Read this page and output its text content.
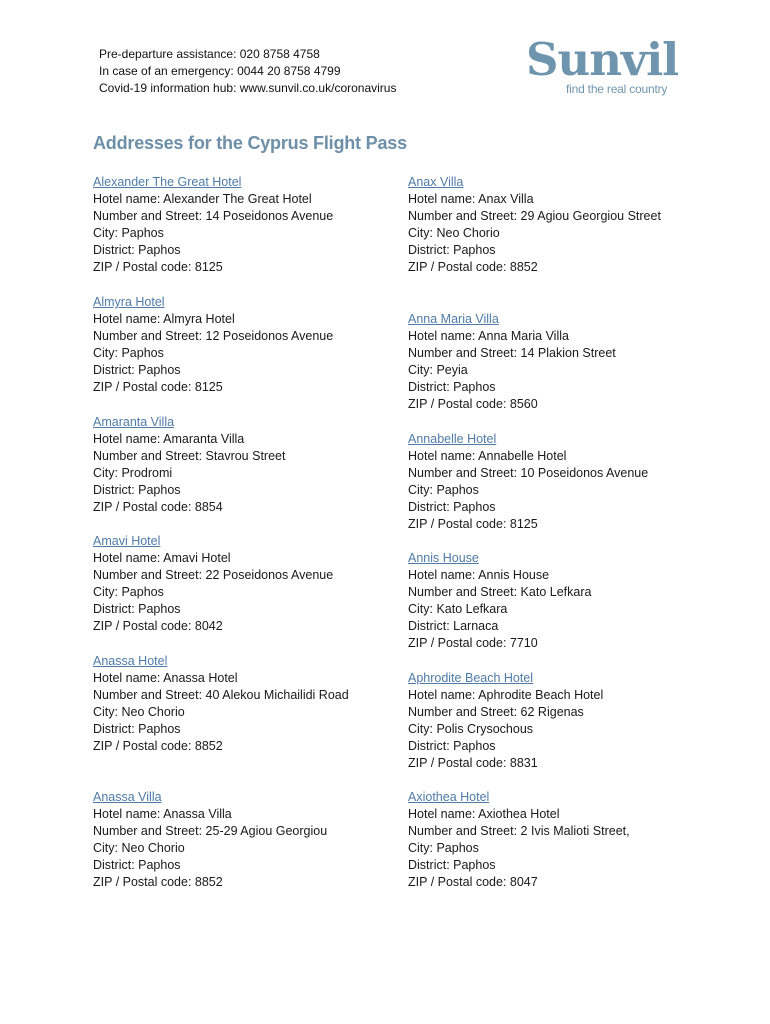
Pre-departure assistance: 020 8758 4758
In case of an emergency: 0044 20 8758 4799
Covid-19 information hub: www.sunvil.co.uk/coronavirus
Sunvil
find the real country
Addresses for the Cyprus Flight Pass
Alexander The Great Hotel
Hotel name: Alexander The Great Hotel
Number and Street: 14 Poseidonos Avenue
City: Paphos
District: Paphos
ZIP / Postal code: 8125
Almyra Hotel
Hotel name: Almyra Hotel
Number and Street: 12 Poseidonos Avenue
City: Paphos
District: Paphos
ZIP / Postal code: 8125
Amaranta Villa
Hotel name: Amaranta Villa
Number and Street: Stavrou Street
City: Prodromi
District: Paphos
ZIP / Postal code: 8854
Amavi Hotel
Hotel name: Amavi Hotel
Number and Street: 22 Poseidonos Avenue
City: Paphos
District: Paphos
ZIP / Postal code: 8042
Anassa Hotel
Hotel name: Anassa Hotel
Number and Street: 40 Alekou Michailidi Road
City: Neo Chorio
District: Paphos
ZIP / Postal code: 8852
Anassa Villa
Hotel name: Anassa Villa
Number and Street: 25-29 Agiou Georgiou
City: Neo Chorio
District: Paphos
ZIP / Postal code: 8852
Anax Villa
Hotel name: Anax Villa
Number and Street: 29 Agiou Georgiou Street
City: Neo Chorio
District: Paphos
ZIP / Postal code: 8852
Anna Maria Villa
Hotel name: Anna Maria Villa
Number and Street: 14 Plakion Street
City: Peyia
District: Paphos
ZIP / Postal code: 8560
Annabelle Hotel
Hotel name: Annabelle Hotel
Number and Street: 10 Poseidonos Avenue
City: Paphos
District: Paphos
ZIP / Postal code: 8125
Annis House
Hotel name: Annis House
Number and Street: Kato Lefkara
City: Kato Lefkara
District: Larnaca
ZIP / Postal code: 7710
Aphrodite Beach Hotel
Hotel name: Aphrodite Beach Hotel
Number and Street: 62 Rigenas
City: Polis Crysochous
District: Paphos
ZIP / Postal code: 8831
Axiothea Hotel
Hotel name: Axiothea Hotel
Number and Street: 2 Ivis Malioti Street,
City: Paphos
District: Paphos
ZIP / Postal code: 8047
